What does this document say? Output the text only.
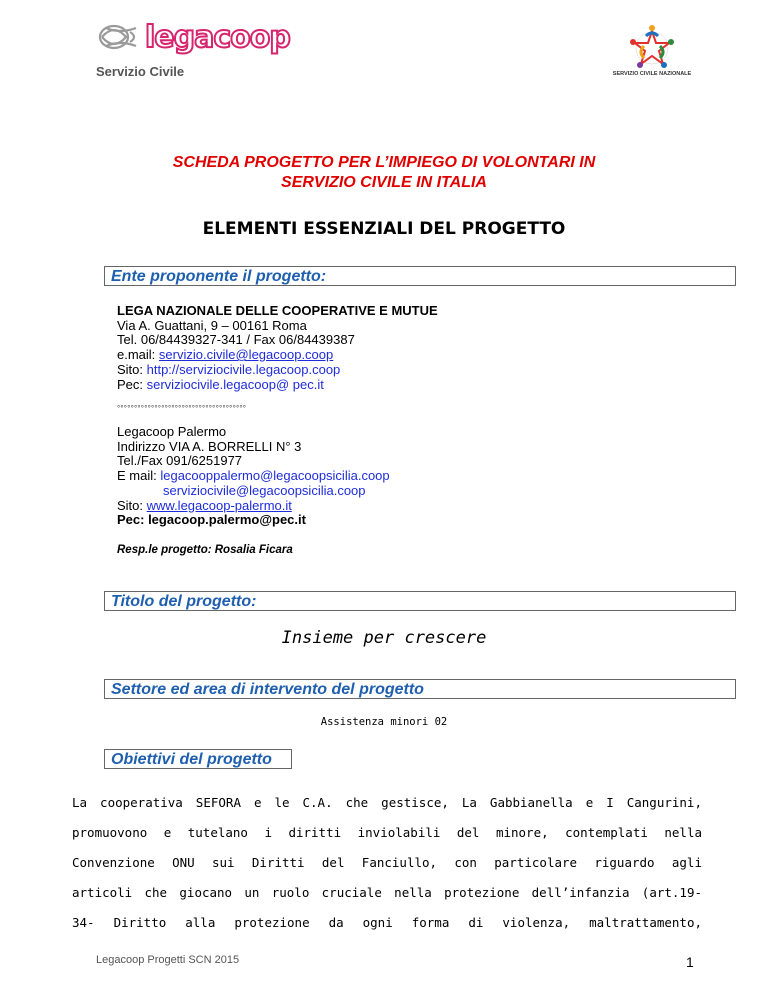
legacoop
Servizio Civile	SERVIZIO CIVILE NAZIONALE
SCHEDA PROGETTO PER L’IMPIEGO DI VOLONTARI IN
SERVIZIO CIVILE IN ITALIA
ELEMENTI ESSENZIALI DEL PROGETTO
Ente proponente il progetto:
LEGA NAZIONALE DELLE COOPERATIVE E MUTUE
Via A. Guattani, 9 – 00161 Roma
Tel. 06/84439327-341 / Fax 06/84439387
e.mail: servizio.civile@legacoop.coop
Sito: http://serviziocivile.legacoop.coop
Pec: serviziocivile.legacoop@ pec.it
°°°°°°°°°°°°°°°°°°°°°°°°°°°°°°°°°°°°°°
Legacoop Palermo
Indirizzo VIA A. BORRELLI N° 3
Tel./Fax 091/6251977
E mail: legacooppalermo@legacoopsicilia.coop
serviziocivile@legacoopsicilia.coop
Sito: www.legacoop-palermo.it
Pec: legacoop.palermo@pec.it
Resp.le progetto: Rosalia Ficara
Titolo del progetto:
Insieme per crescere
Settore ed area di intervento del progetto
Assistenza minori 02
Obiettivi del progetto
La cooperativa SEFORA e le C.A. che gestisce, La Gabbianella e I Cangurini,
promuovono e tutelano i diritti inviolabili del minore, contemplati nella
Convenzione ONU sui Diritti del Fanciullo, con particolare riguardo agli
articoli che giocano un ruolo cruciale nella protezione dell’infanzia (art.19-
34- Diritto alla protezione da ogni forma di violenza, maltrattamento,
Legacoop Progetti SCN 2015	1
